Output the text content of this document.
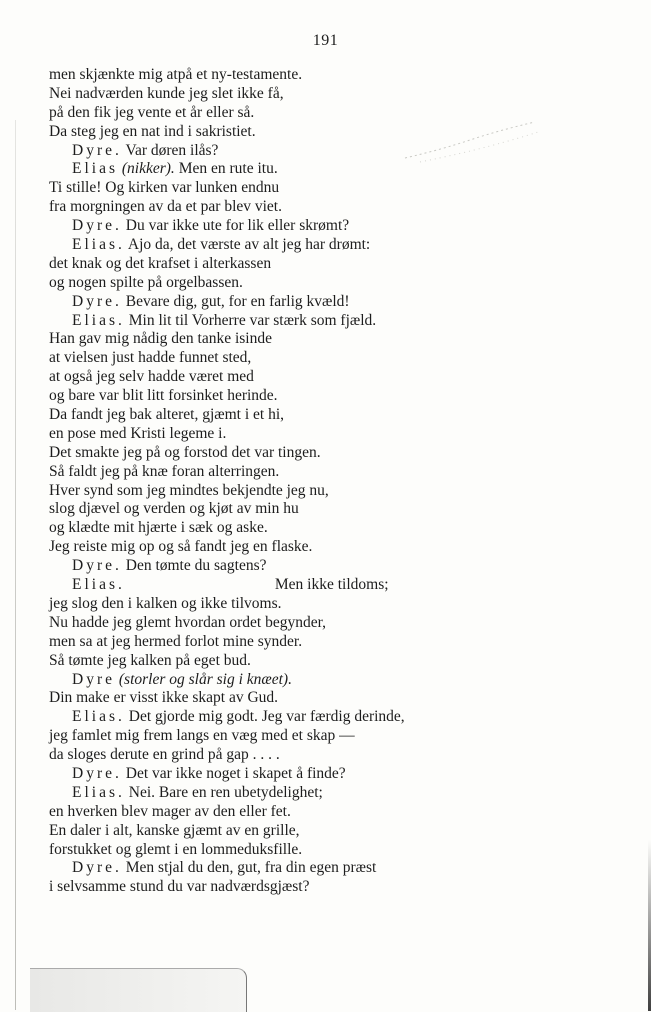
191
men skjænkte mig atpå et ny-testamente.
Nei nadværden kunde jeg slet ikke få,
på den fik jeg vente et år eller så.
Da steg jeg en nat ind i sakristiet.
Dyre. Var døren ilås?
Elias (nikker). Men en rute itu.
Ti stille! Og kirken var lunken endnu
fra morgningen av da et par blev viet.
Dyre. Du var ikke ute for lik eller skrømt?
Elias. Ajo da, det værste av alt jeg har drømt:
det knak og det krafset i alterkassen
og nogen spilte på orgelbassen.
Dyre. Bevare dig, gut, for en farlig kvæld!
Elias. Min lit til Vorherre var stærk som fjæld.
Han gav mig nådig den tanke isinde
at vielsen just hadde funnet sted,
at også jeg selv hadde været med
og bare var blit litt forsinket herinde.
Da fandt jeg bak alteret, gjæmt i et hi,
en pose med Kristi legeme i.
Det smakte jeg på og forstod det var tingen.
Så faldt jeg på knæ foran alterringen.
Hver synd som jeg mindtes bekjendte jeg nu,
slog djævel og verden og kjøt av min hu
og klædte mit hjærte i sæk og aske.
Jeg reiste mig op og så fandt jeg en flaske.
Dyre. Den tømte du sagtens?
Elias.	Men ikke tildoms;
jeg slog den i kalken og ikke tilvoms.
Nu hadde jeg glemt hvordan ordet begynder,
men sa at jeg hermed forlot mine synder.
Så tømte jeg kalken på eget bud.
Dyre (storler og slår sig i knæet).
Din make er visst ikke skapt av Gud.
Elias. Det gjorde mig godt. Jeg var færdig derinde,
jeg famlet mig frem langs en væg med et skap —
da sloges derute en grind på gap . . . .
Dyre. Det var ikke noget i skapet å finde?
Elias. Nei. Bare en ren ubetydelighet;
en hverken blev mager av den eller fet.
En daler i alt, kanske gjæmt av en grille,
forstukket og glemt i en lommeduksfille.
Dyre. Men stjal du den, gut, fra din egen præst
i selvsamme stund du var nadværdsgjæst?
